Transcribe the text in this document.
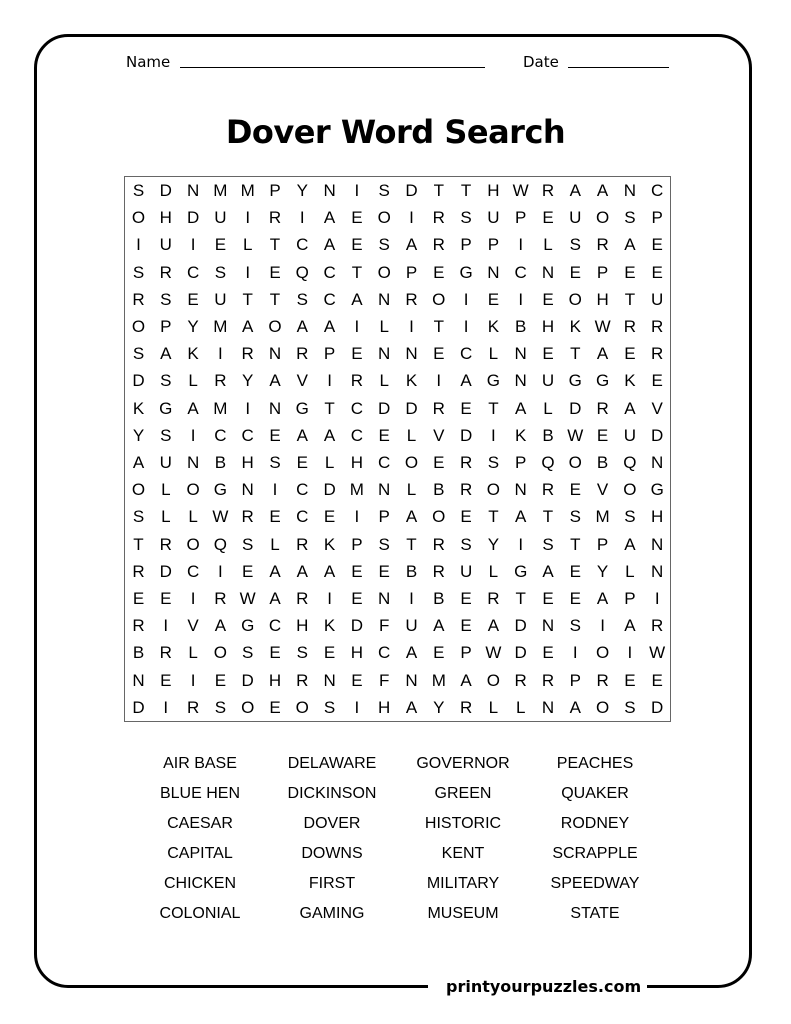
Name	Date
Dover Word Search
S D N M M P Y N	I	S D T T H W R A A N C
O H D U	I	R	I	A E O	I	R S U P E U O S P
I	U	I	E L	T C A E S A R P P	I	L S R A E
S R C S	I	E Q C T O P E G N C N E P E E
R S E U T T S C A N R O	I	E	I	E O H T U
O P Y M A O A A	I	L	I	T	I	K B H K W R R
S A K	I	R N R P E N N E C L N E T A E R
D S L R Y A V	I	R L K	I	A G N U G G K E
K G A M	I	N G T C D D R E T A L D R A V
Y S	I	C C E A A C E L V D	I	K B W E U D
A U N B H S E L H C O E R S P Q O B Q N
O L O G N	I	C D M N L B R O N R E V O G
S L	L W R E C E	I	P A O E T A T S M S H
T R O Q S L R K P S T R S Y	I	S T P A N
R D C	I	E A A A E E B R U L G A E Y L N
E E	I	R W A R	I	E N	I	B E R T E E A P	I
R	I	V A G C H K D F U A E A D N S	I	A R
B R L O S E S E H C A E P W D E	I	O	I W
N E	I	E D H R N E F N M A O R R P R E E
D	I	R S O E O S	I	H A Y R L	L N A O S D
AIR BASE	DELAWARE	GOVERNOR	PEACHES
BLUE HEN	DICKINSON	GREEN	QUAKER
CAESAR	DOVER	HISTORIC	RODNEY
CAPITAL	DOWNS	KENT	SCRAPPLE
CHICKEN	FIRST	MILITARY	SPEEDWAY
COLONIAL	GAMING	MUSEUM	STATE
printyourpuzzles.com
